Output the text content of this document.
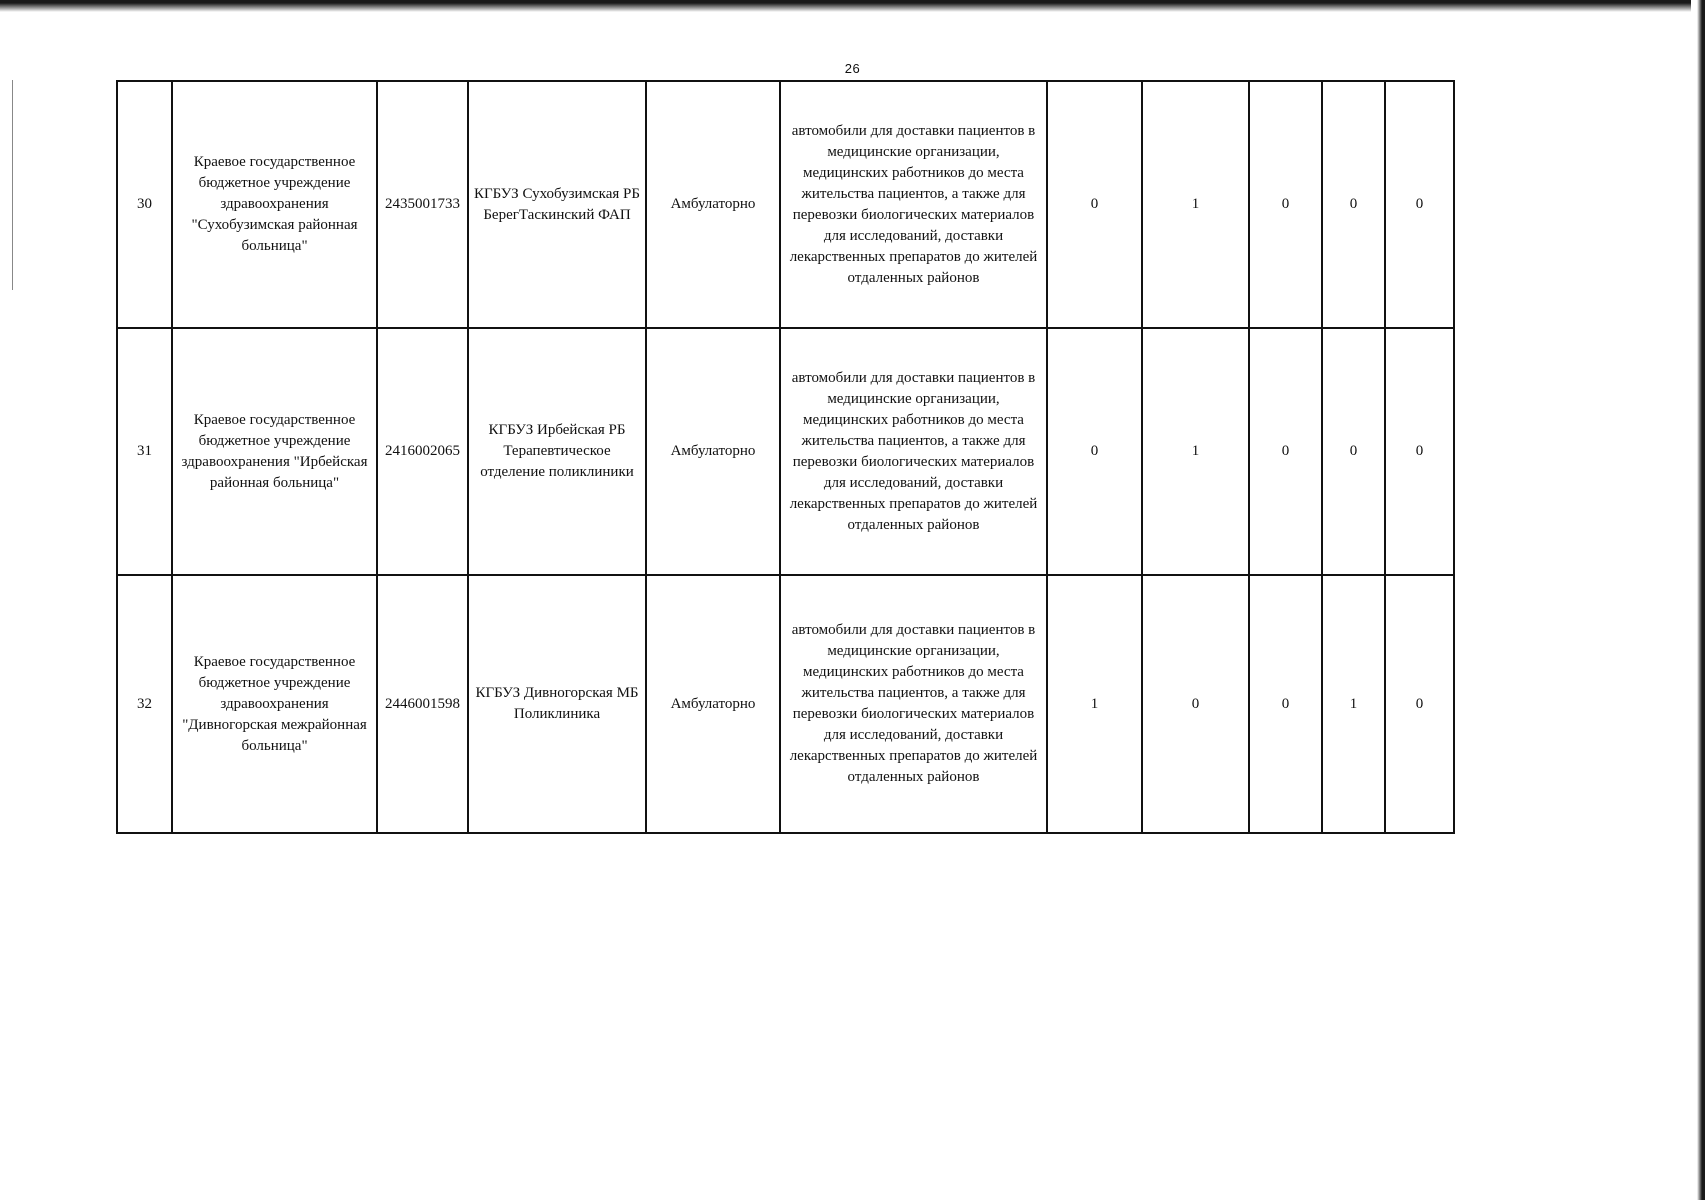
26
30	Краевое государственное бюджетное учреждение здравоохранения "Сухобузимская районная больница"	2435001733	КГБУЗ Сухобузимская РБ БерегТаскинский ФАП	Амбулаторно	автомобили для доставки пациентов в медицинские организации, медицинских работников до места жительства пациентов, а также для перевозки биологических материалов для исследований, доставки лекарственных препаратов до жителей отдаленных районов	0	1	0	0	0
31	Краевое государственное бюджетное учреждение здравоохранения "Ирбейская районная больница"	2416002065	КГБУЗ Ирбейская РБ Терапевтическое отделение поликлиники	Амбулаторно	автомобили для доставки пациентов в медицинские организации, медицинских работников до места жительства пациентов, а также для перевозки биологических материалов для исследований, доставки лекарственных препаратов до жителей отдаленных районов	0	1	0	0	0
32	Краевое государственное бюджетное учреждение здравоохранения "Дивногорская межрайонная больница"	2446001598	КГБУЗ Дивногорская МБ Поликлиника	Амбулаторно	автомобили для доставки пациентов в медицинские организации, медицинских работников до места жительства пациентов, а также для перевозки биологических материалов для исследований, доставки лекарственных препаратов до жителей отдаленных районов	1	0	0	1	0
